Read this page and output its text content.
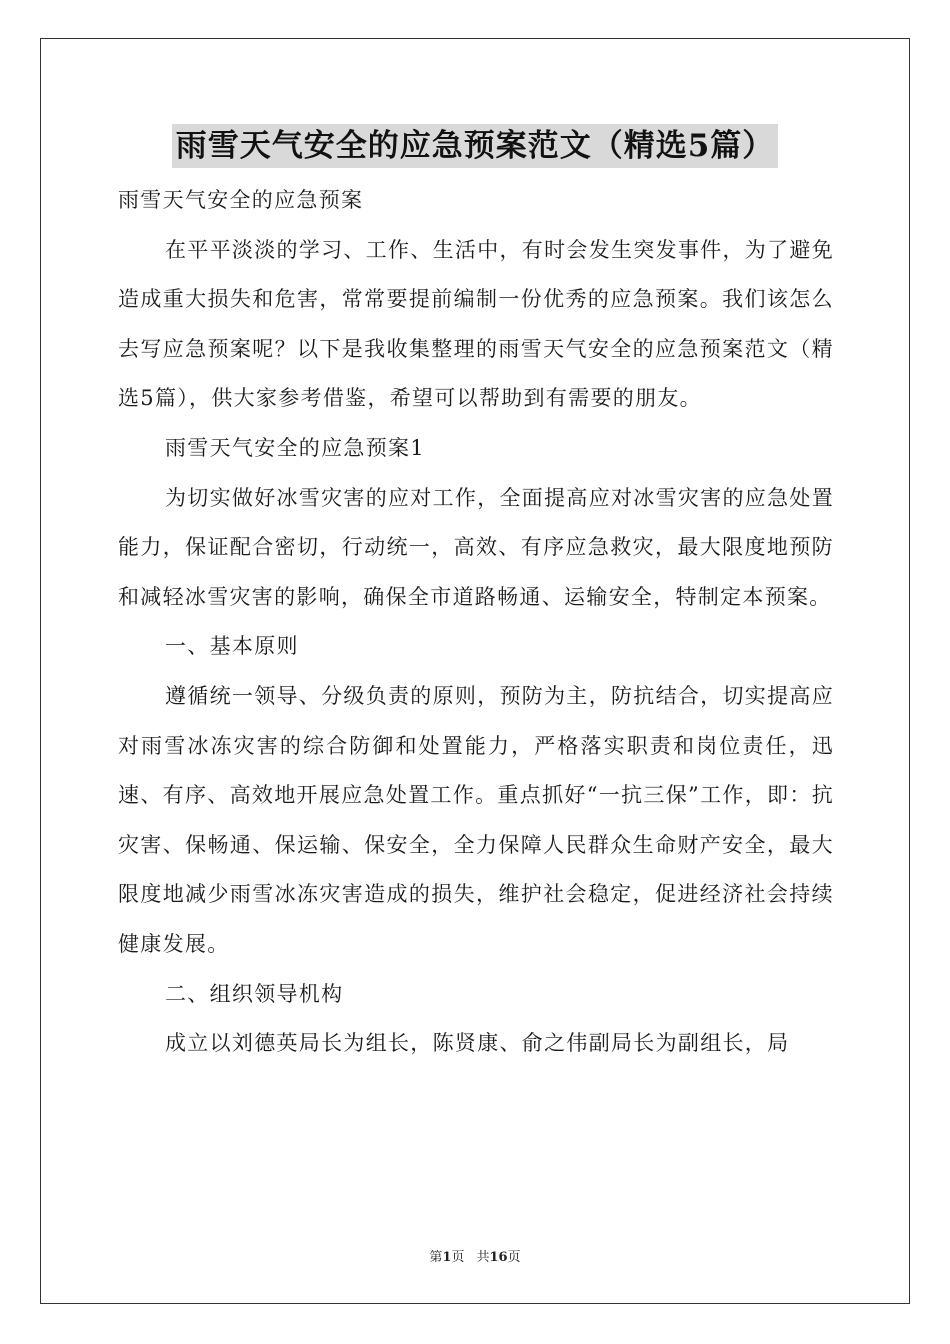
雨雪天气安全的应急预案范文（精选5篇）

雨雪天气安全的应急预案

在平平淡淡的学习、工作、生活中，有时会发生突发事件，为了避免造成重大损失和危害，常常要提前编制一份优秀的应急预案。我们该怎么去写应急预案呢？以下是我收集整理的雨雪天气安全的应急预案范文（精选5篇），供大家参考借鉴，希望可以帮助到有需要的朋友。

雨雪天气安全的应急预案1

为切实做好冰雪灾害的应对工作，全面提高应对冰雪灾害的应急处置能力，保证配合密切，行动统一，高效、有序应急救灾，最大限度地预防和减轻冰雪灾害的影响，确保全市道路畅通、运输安全，特制定本预案。

一、基本原则

遵循统一领导、分级负责的原则，预防为主，防抗结合，切实提高应对雨雪冰冻灾害的综合防御和处置能力，严格落实职责和岗位责任，迅速、有序、高效地开展应急处置工作。重点抓好“一抗三保”工作，即：抗灾害、保畅通、保运输、保安全，全力保障人民群众生命财产安全，最大限度地减少雨雪冰冻灾害造成的损失，维护社会稳定，促进经济社会持续健康发展。

二、组织领导机构

成立以刘德英局长为组长，陈贤康、俞之伟副局长为副组长，局

第1页 共16页
